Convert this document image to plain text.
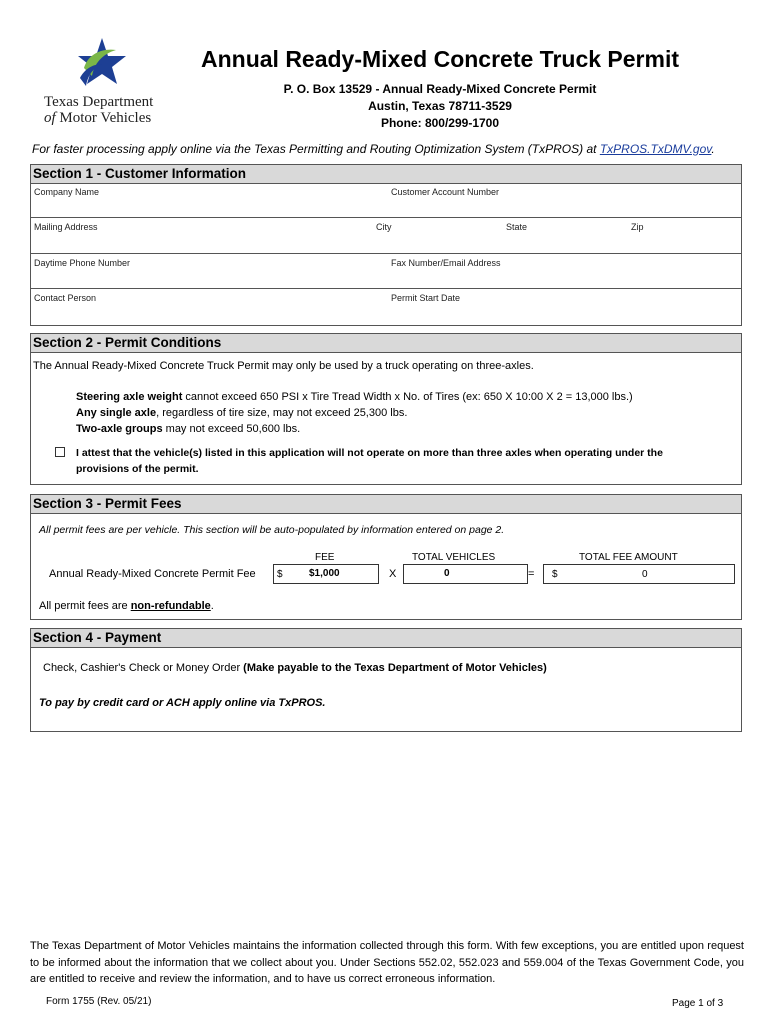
Texas Department
of Motor Vehicles
Annual Ready-Mixed Concrete Truck Permit
P. O. Box 13529 - Annual Ready-Mixed Concrete Permit
Austin, Texas 78711-3529
Phone: 800/299-1700
For faster processing apply online via the Texas Permitting and Routing Optimization System (TxPROS) at TxPROS.TxDMV.gov.
Section 1 - Customer Information
Company Name	Customer Account Number
Mailing Address	City	State	Zip
Daytime Phone Number	Fax Number/Email Address
Contact Person	Permit Start Date
Section 2 - Permit Conditions
The Annual Ready-Mixed Concrete Truck Permit may only be used by a truck operating on three-axles.
Steering axle weight cannot exceed 650 PSI x Tire Tread Width x No. of Tires (ex: 650 X 10:00 X 2 = 13,000 lbs.)
Any single axle, regardless of tire size, may not exceed 25,300 lbs.
Two-axle groups may not exceed 50,600 lbs.
I attest that the vehicle(s) listed in this application will not operate on more than three axles when operating under the
provisions of the permit.
Section 3 - Permit Fees
All permit fees are per vehicle. This section will be auto-populated by information entered on page 2.
FEE	TOTAL VEHICLES	TOTAL FEE AMOUNT
Annual Ready-Mixed Concrete Permit Fee $	$1,000	X	0	= $	0
All permit fees are non-refundable.
Section 4 - Payment
Check, Cashier's Check or Money Order (Make payable to the Texas Department of Motor Vehicles)
To pay by credit card or ACH apply online via TxPROS.
The Texas Department of Motor Vehicles maintains the information collected through this form. With few exceptions, you are entitled upon request to be informed about the information that we collect about you. Under Sections 552.02, 552.023 and 559.004 of the Texas Government Code, you are entitled to receive and review the information, and to have us correct erroneous information.
Form 1755 (Rev. 05/21)	Page 1 of 3
